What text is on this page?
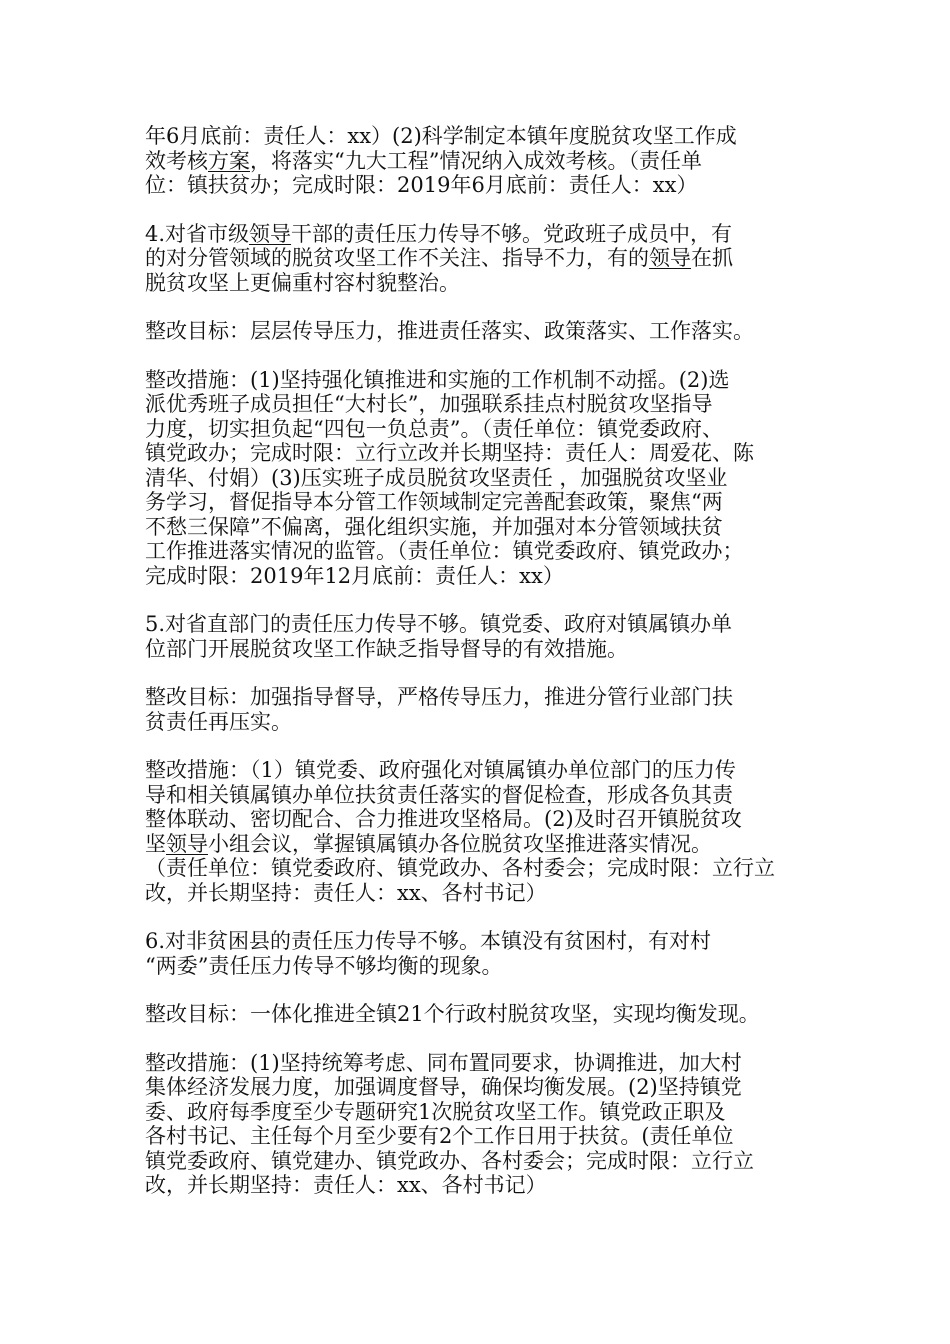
年6月底前：责任人：xx）(2)科学制定本镇年度脱贫攻坚工作成
效考核方案，将落实“九大工程”情况纳入成效考核。（责任单
位：镇扶贫办；完成时限：2019年6月底前：责任人：xx）

4.对省市级领导干部的责任压力传导不够。党政班子成员中，有
的对分管领域的脱贫攻坚工作不关注、指导不力，有的领导在抓
脱贫攻坚上更偏重村容村貌整治。

整改目标：层层传导压力，推进责任落实、政策落实、工作落实。

整改措施：(1)坚持强化镇推进和实施的工作机制不动摇。(2)选
派优秀班子成员担任“大村长”，加强联系挂点村脱贫攻坚指导
力度，切实担负起“四包一负总责”。（责任单位：镇党委政府、
镇党政办；完成时限：立行立改并长期坚持：责任人：周爱花、陈
清华、付娟）(3)压实班子成员脱贫攻坚责任 ，加强脱贫攻坚业
务学习，督促指导本分管工作领域制定完善配套政策，聚焦“两
不愁三保障”不偏离，强化组织实施，并加强对本分管领域扶贫
工作推进落实情况的监管。（责任单位：镇党委政府、镇党政办；
完成时限：2019年12月底前：责任人：xx）

5.对省直部门的责任压力传导不够。镇党委、政府对镇属镇办单
位部门开展脱贫攻坚工作缺乏指导督导的有效措施。

整改目标：加强指导督导，严格传导压力，推进分管行业部门扶
贫责任再压实。

整改措施：（1）镇党委、政府强化对镇属镇办单位部门的压力传
导和相关镇属镇办单位扶贫责任落实的督促检查，形成各负其责
整体联动、密切配合、合力推进攻坚格局。(2)及时召开镇脱贫攻
坚领导小组会议，掌握镇属镇办各位脱贫攻坚推进落实情况。
（责任单位：镇党委政府、镇党政办、各村委会；完成时限：立行立
改，并长期坚持：责任人：xx、各村书记）

6.对非贫困县的责任压力传导不够。本镇没有贫困村，有对村
“两委”责任压力传导不够均衡的现象。

整改目标：一体化推进全镇21个行政村脱贫攻坚，实现均衡发现。

整改措施：(1)坚持统筹考虑、同布置同要求，协调推进，加大村
集体经济发展力度，加强调度督导，确保均衡发展。(2)坚持镇党
委、政府每季度至少专题研究1次脱贫攻坚工作。镇党政正职及
各村书记、主任每个月至少要有2个工作日用于扶贫。(责任单位
镇党委政府、镇党建办、镇党政办、各村委会；完成时限：立行立
改，并长期坚持：责任人：xx、各村书记）
